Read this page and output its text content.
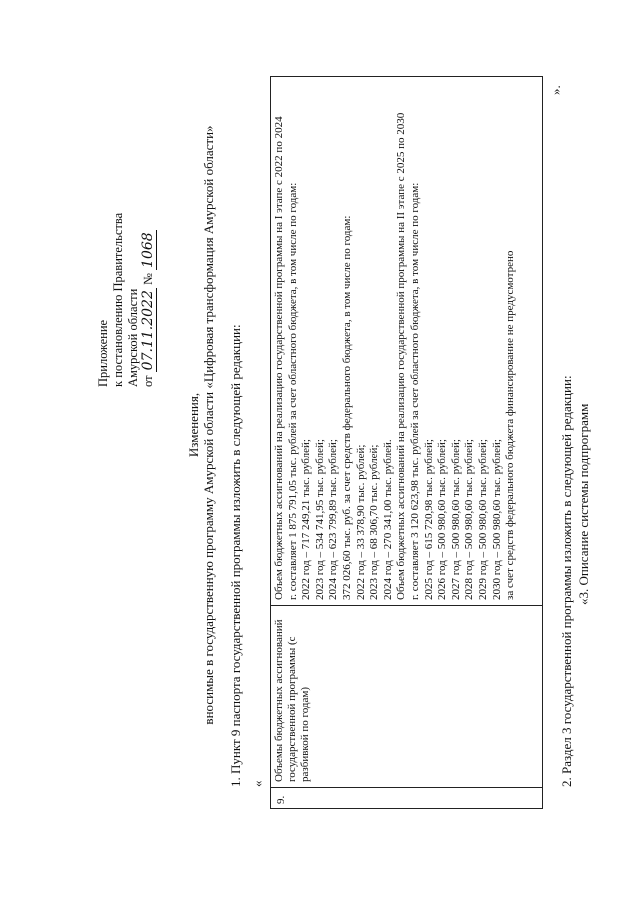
Приложение к постановлению Правительства Амурской области от 07.11.2022 № 1068
Изменения, вносимые в государственную программу Амурской области «Цифровая трансформация Амурской области» 1. Пункт 9 паспорта государственной программы изложить в следующей редакции: «
9.
Объемы бюджетных ассигнований государственной программы (с разбивкой по годам)
Объем бюджетных ассигнований на реализацию государственной программы на I этапе с 2022 по 2024 г. составляет 1 875 791,05 тыс. рублей за счет областного бюджета, в том числе по годам: 2022 год – 717 249,21 тыс. рублей; 2023 год – 534 741,95 тыс. рублей; 2024 год – 623 799,89 тыс. рублей; 372 026,60 тыс. руб. за счет средств федерального бюджета, в том числе по годам: 2022 год – 33 378,90 тыс. рублей; 2023 год – 68 306,70 тыс. рублей; 2024 год – 270 341,00 тыс. рублей. Объем бюджетных ассигнований на реализацию государственной программы на II этапе с 2025 по 2030 г. составляет 3 120 623,98 тыс. рублей за счет областного бюджета, в том числе по годам: 2025 год – 615 720,98 тыс. рублей; 2026 год – 500 980,60 тыс. рублей; 2027 год – 500 980,60 тыс. рублей; 2028 год – 500 980,60 тыс. рублей; 2029 год – 500 980,60 тыс. рублей; 2030 год – 500 980,60 тыс. рублей; за счет средств федерального бюджета финансирование не предусмотрено
».
2. Раздел 3 государственной программы изложить в следующей редакции: «3. Описание системы подпрограмм
